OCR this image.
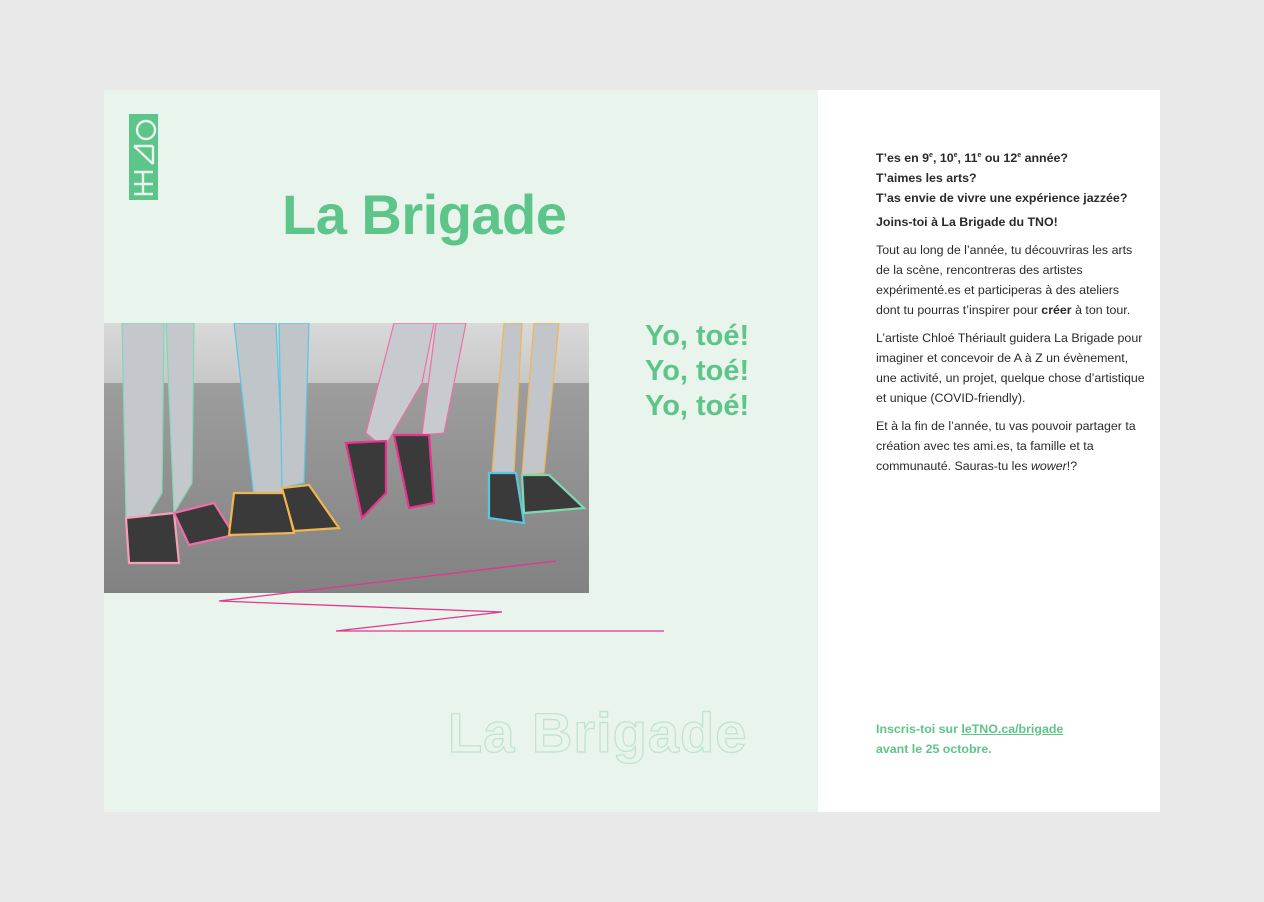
La Brigade
Yo, toé!
Yo, toé!
Yo, toé!
La Brigade

T’es en 9e, 10e, 11e ou 12e année?

T’aimes les arts?

T’as envie de vivre une expérience jazzée?

Joins-toi à La Brigade du TNO!

Tout au long de l’année, tu découvriras les arts de la scène, rencontreras des artistes expérimenté.es et participeras à des ateliers dont tu pourras t’inspirer pour créer à ton tour.

L’artiste Chloé Thériault guidera La Brigade pour imaginer et concevoir de A à Z un évènement, une activité, un projet, quelque chose d’artistique et unique (COVID-friendly).

Et à la fin de l’année, tu vas pouvoir partager ta création avec tes ami.es, ta famille et ta communauté. Sauras-tu les wower!?

Inscris-toi sur leTNO.ca/brigade
avant le 25 octobre.
